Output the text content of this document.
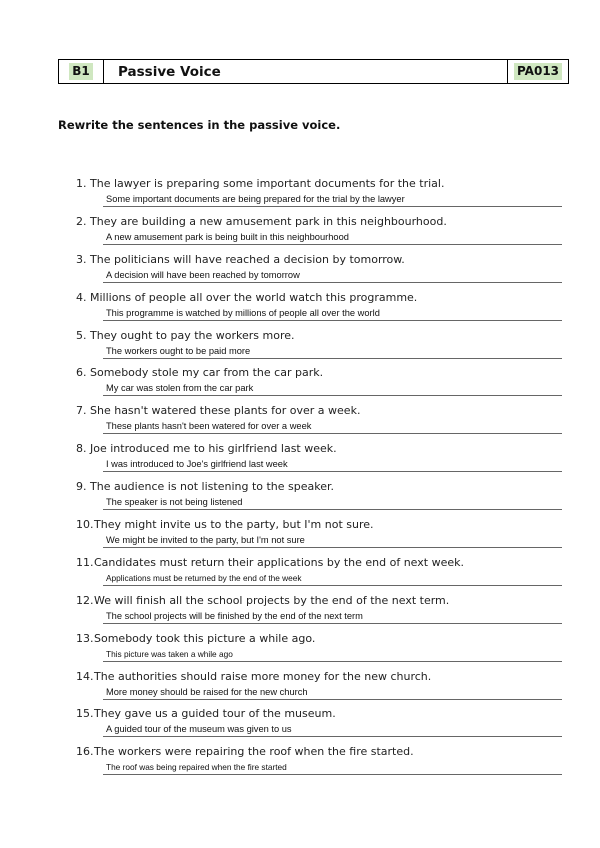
B1 Passive Voice	PA013
Rewrite the sentences in the passive voice.
1. The lawyer is preparing some important documents for the trial.
Some important documents are being prepared for the trial by the lawyer
2. They are building a new amusement park in this neighbourhood.
A new amusement park is being built in this neighbourhood
3. The politicians will have reached a decision by tomorrow.
A decision will have been reached by tomorrow
4. Millions of people all over the world watch this programme.
This programme is watched by millions of people all over the world
5. They ought to pay the workers more.
The workers ought to be paid more
6. Somebody stole my car from the car park.
My car was stolen from the car park
7. She hasn't watered these plants for over a week.
These plants hasn't been watered for over a week
8. Joe introduced me to his girlfriend last week.
I was introduced to Joe's girlfriend last week
9. The audience is not listening to the speaker.
The speaker is not being listened
10. They might invite us to the party, but I'm not sure.
We might be invited to the party, but I'm not sure
11. Candidates must return their applications by the end of next week.
Applications must be returned by the end of the week
12. We will finish all the school projects by the end of the next term.
The school projects will be finished by the end of the next term
13. Somebody took this picture a while ago.
This picture was taken a while ago
14. The authorities should raise more money for the new church.
More money should be raised for the new church
15. They gave us a guided tour of the museum.
A guided tour of the museum was given to us
16. The workers were repairing the roof when the fire started.
The roof was being repaired when the fire started
